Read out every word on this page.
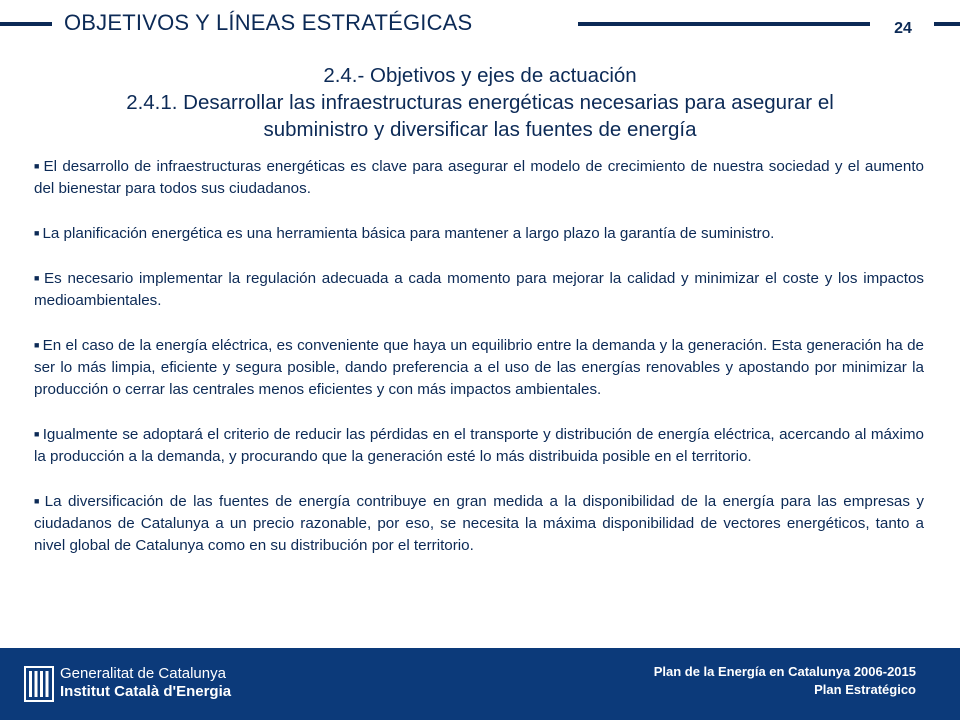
OBJETIVOS Y LÍNEAS ESTRATÉGICAS	24
2.4.- Objetivos y ejes de actuación
2.4.1. Desarrollar las infraestructuras energéticas necesarias para asegurar el
subministro y diversificar las fuentes de energía
■ El desarrollo de infraestructuras energéticas es clave para asegurar el modelo de crecimiento de nuestra sociedad y el aumento del bienestar para todos sus ciudadanos.
■ La planificación energética es una herramienta básica para mantener a largo plazo la garantía de suministro.
■ Es necesario implementar la regulación adecuada a cada momento para mejorar la calidad y minimizar el coste y los impactos medioambientales.
■ En el caso de la energía eléctrica, es conveniente que haya un equilibrio entre la demanda y la generación. Esta generación ha de ser lo más limpia, eficiente y segura posible, dando preferencia a el uso de las energías renovables y apostando por minimizar la producción o cerrar las centrales menos eficientes y con más impactos ambientales.
■ Igualmente se adoptará el criterio de reducir las pérdidas en el transporte y distribución de energía eléctrica, acercando al máximo la producción a la demanda, y procurando que la generación esté lo más distribuida posible en el territorio.
■ La diversificación de las fuentes de energía contribuye en gran medida a la disponibilidad de la energía para las empresas y ciudadanos de Catalunya a un precio razonable, por eso, se necesita la máxima disponibilidad de vectores energéticos, tanto a nivel global de Catalunya como en su distribución por el territorio.
Generalitat de Catalunya
Institut Català d'Energia
Plan de la Energía en Catalunya 2006-2015
Plan Estratégico
